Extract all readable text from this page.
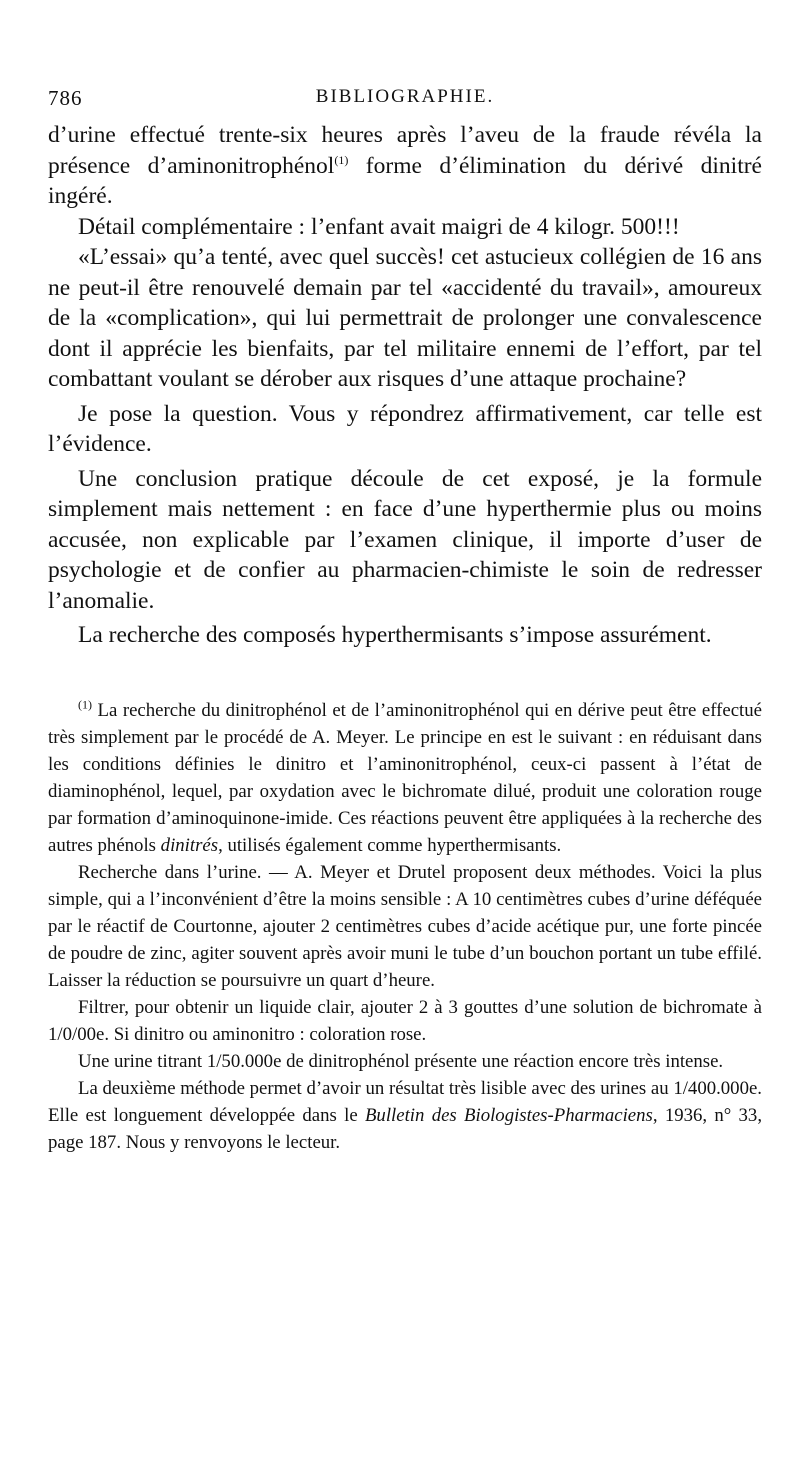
786	BIBLIOGRAPHIE.

d’urine effectué trente-six heures après l’aveu de la fraude révéla la présence d’aminonitrophénol$^{(1)}$ forme d’élimination du dérivé dinitré ingéré.

Détail complémentaire : l’enfant avait maigri de 4 kilogr. 500!!!

«L’essai» qu’a tenté, avec quel succès! cet astucieux collégien de 16 ans ne peut-il être renouvelé demain par tel «accidenté du travail», amoureux de la «complication», qui lui permettrait de prolonger une convalescence dont il apprécie les bienfaits, par tel militaire ennemi de l’effort, par tel combattant voulant se dérober aux risques d’une attaque prochaine?

Je pose la question. Vous y répondrez affirmativement, car telle est l’évidence.

Une conclusion pratique découle de cet exposé, je la formule simplement mais nettement : en face d’une hyperthermie plus ou moins accusée, non explicable par l’examen clinique, il importe d’user de psychologie et de confier au pharmacien-chimiste le soin de redresser l’anomalie.

La recherche des composés hyperthermisants s’impose assurément.

$^{(1)}$ La recherche du dinitrophénol et de l’aminonitrophénol qui en dérive peut être effectué très simplement par le procédé de A. Meyer. Le principe en est le suivant : en réduisant dans les conditions définies le dinitro et l’aminonitrophénol, ceux-ci passent à l’état de diaminophénol, lequel, par oxydation avec le bichromate dilué, produit une coloration rouge par formation d’aminoquinone-imide. Ces réactions peuvent être appliquées à la recherche des autres phénols dinitrés, utilisés également comme hyperthermisants.

Recherche dans l’urine. — A. Meyer et Drutel proposent deux méthodes. Voici la plus simple, qui a l’inconvénient d’être la moins sensible : A 10 centimètres cubes d’urine déféquée par le réactif de Courtonne, ajouter 2 centimètres cubes d’acide acétique pur, une forte pincée de poudre de zinc, agiter souvent après avoir muni le tube d’un bouchon portant un tube effilé. Laisser la réduction se poursuivre un quart d’heure.

Filtrer, pour obtenir un liquide clair, ajouter 2 à 3 gouttes d’une solution de bichromate à 1/0/00e. Si dinitro ou aminonitro : coloration rose.

Une urine titrant 1/50.000e de dinitrophénol présente une réaction encore très intense.

La deuxième méthode permet d’avoir un résultat très lisible avec des urines au 1/400.000e. Elle est longuement développée dans le Bulletin des Biologistes-Pharmaciens, 1936, n° 33, page 187. Nous y renvoyons le lecteur.
